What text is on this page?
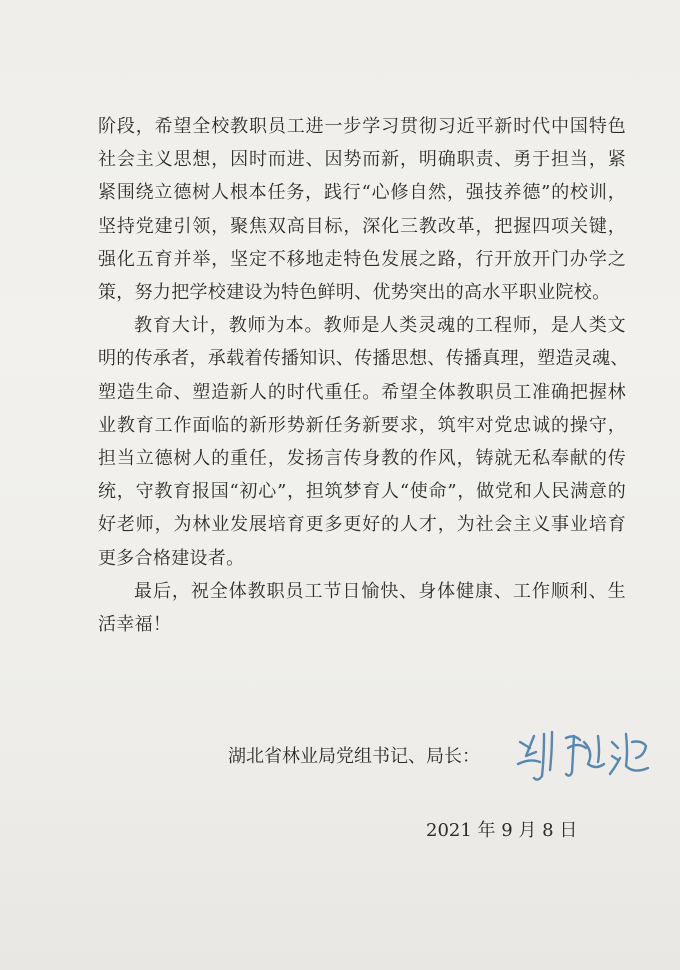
阶段，希望全校教职员工进一步学习贯彻习近平新时代中国特色
社会主义思想，因时而进、因势而新，明确职责、勇于担当，紧
紧围绕立德树人根本任务，践行“心修自然，强技养德”的校训，
坚持党建引领，聚焦双高目标，深化三教改革，把握四项关键，
强化五育并举，坚定不移地走特色发展之路，行开放开门办学之
策，努力把学校建设为特色鲜明、优势突出的高水平职业院校。
教育大计，教师为本。教师是人类灵魂的工程师，是人类文
明的传承者，承载着传播知识、传播思想、传播真理，塑造灵魂、
塑造生命、塑造新人的时代重任。希望全体教职员工准确把握林
业教育工作面临的新形势新任务新要求，筑牢对党忠诚的操守，
担当立德树人的重任，发扬言传身教的作风，铸就无私奉献的传
统，守教育报国“初心”，担筑梦育人“使命”，做党和人民满意的
好老师，为林业发展培育更多更好的人才，为社会主义事业培育
更多合格建设者。
最后，祝全体教职员工节日愉快、身体健康、工作顺利、生
活幸福！
湖北省林业局党组书记、局长：
2021 年 9 月 8 日
